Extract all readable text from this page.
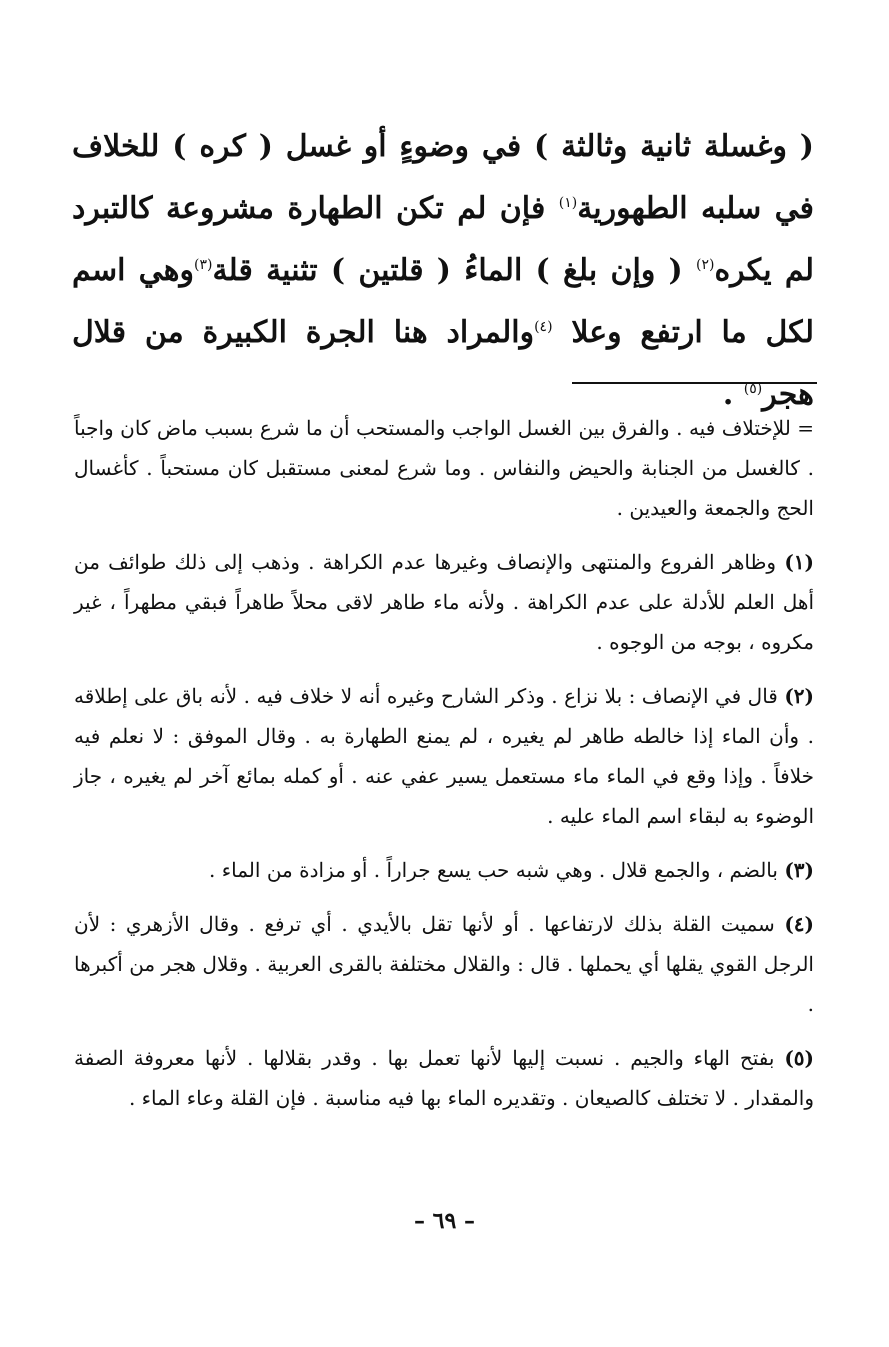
( وغسلة ثانية وثالثة ) في وضوءٍ أو غسل ( كره ) للخلاف في سلبه الطهورية$^{(١)}$ فإن لم تكن الطهارة مشروعة كالتبرد لم يكره$^{(٢)}$ ( وإن بلغ ) الماءُ ( قلتين ) تثنية قلة$^{(٣)}$وهي اسم لكل ما ارتفع وعلا $^{(٤)}$والمراد هنا الجرة الكبيرة من قلال هجر$^{(٥)}$ .

= للإختلاف فيه . والفرق بين الغسل الواجب والمستحب أن ما شرع بسبب ماض كان واجباً . كالغسل من الجنابة والحيض والنفاس . وما شرع لمعنى مستقبل كان مستحباً . كأغسال الحج والجمعة والعيدين .

(١) وظاهر الفروع والمنتهى والإنصاف وغيرها عدم الكراهة . وذهب إلى ذلك طوائف من أهل العلم للأدلة على عدم الكراهة . ولأنه ماء طاهر لاقى محلاً طاهراً فبقي مطهراً ، غير مكروه ، بوجه من الوجوه .

(٢) قال في الإنصاف : بلا نزاع . وذكر الشارح وغيره أنه لا خلاف فيه . لأنه باق على إطلاقه . وأن الماء إذا خالطه طاهر لم يغيره ، لم يمنع الطهارة به . وقال الموفق : لا نعلم فيه خلافاً . وإذا وقع في الماء ماء مستعمل يسير عفي عنه . أو كمله بمائع آخر لم يغيره ، جاز الوضوء به لبقاء اسم الماء عليه .

(٣) بالضم ، والجمع قلال . وهي شبه حب يسع جراراً . أو مزادة من الماء .

(٤) سميت القلة بذلك لارتفاعها . أو لأنها تقل بالأيدي . أي ترفع . وقال الأزهري : لأن الرجل القوي يقلها أي يحملها . قال : والقلال مختلفة بالقرى العربية . وقلال هجر من أكبرها .

(٥) بفتح الهاء والجيم . نسبت إليها لأنها تعمل بها . وقدر بقلالها . لأنها معروفة الصفة والمقدار . لا تختلف كالصيعان . وتقديره الماء بها فيه مناسبة . فإن القلة وعاء الماء .

– ٦٩ –
